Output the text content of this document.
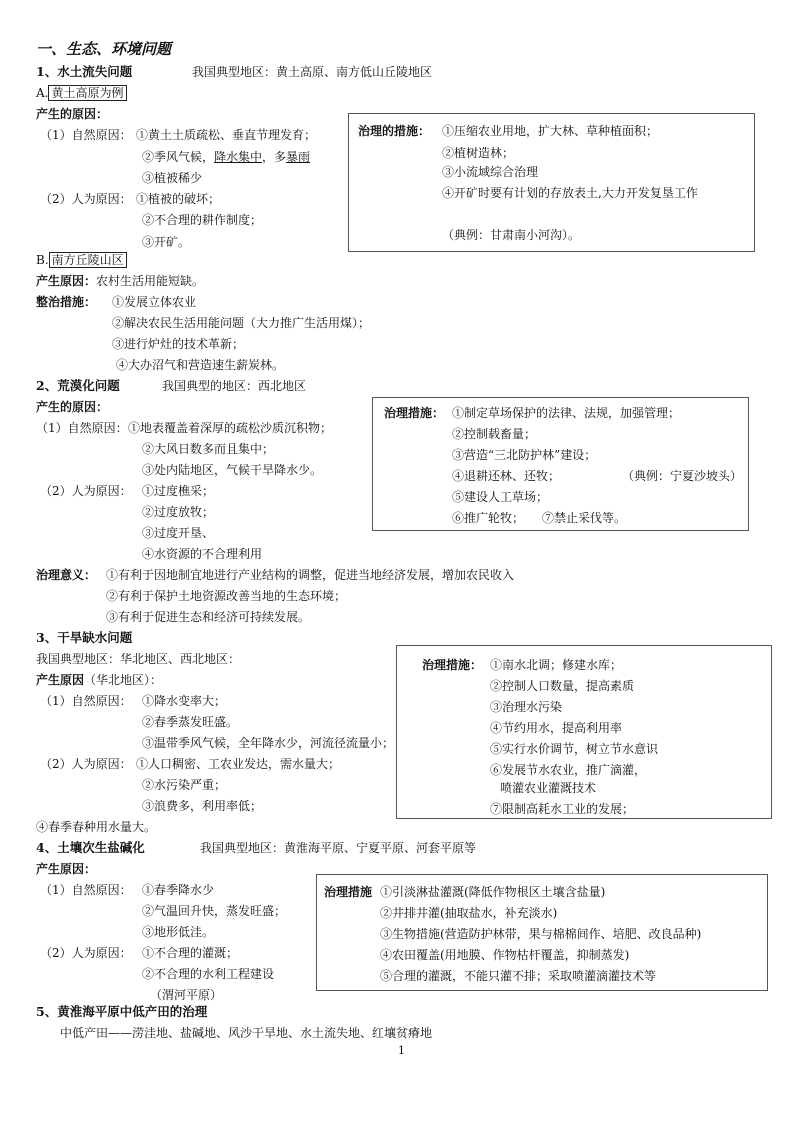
一、生态、环境问题
1、水土流失问题	我国典型地区：黄土高原、南方低山丘陵地区
A. 黄土高原为例
产生的原因：
（1）自然原因： ①黄土土质疏松、垂直节理发育；
②季风气候，降水集中，多暴雨
③植被稀少
（2）人为原因： ①植被的破坏；
②不合理的耕作制度；
③开矿。
治理的措施： ①压缩农业用地，扩大林、草种植面积；
②植树造林；
③小流域综合治理
④开矿时要有计划的存放表土,大力开发复垦工作
（典例：甘肃南小河沟）。
B. 南方丘陵山区
产生原因：农村生活用能短缺。
整治措施： ①发展立体农业
②解决农民生活用能问题（大力推广生活用煤）；
③进行炉灶的技术革新；
④大办沼气和营造速生薪炭林。
2、荒漠化问题	我国典型的地区：西北地区
产生的原因：
（1）自然原因： ①地表覆盖着深厚的疏松沙质沉积物；
②大风日数多而且集中；
③处内陆地区，气候干旱降水少。
（2）人为原因： ①过度樵采；
②过度放牧；
③过度开垦、
④水资源的不合理利用
治理措施： ①制定草场保护的法律、法规，加强管理；
②控制载畜量；
③营造“三北防护林”建设；
④退耕还林、还牧；	（典例：宁夏沙坡头）
⑤建设人工草场；
⑥推广轮牧； ⑦禁止采伐等。
治理意义： ①有利于因地制宜地进行产业结构的调整，促进当地经济发展，增加农民收入
②有利于保护土地资源改善当地的生态环境；
③有利于促进生态和经济可持续发展。
3、干旱缺水问题
我国典型地区：华北地区、西北地区：
产生原因（华北地区）：
（1）自然原因： ①降水变率大；
②春季蒸发旺盛。
③温带季风气候，全年降水少，河流径流量小；
（2）人为原因： ①人口稠密、工农业发达，需水量大；
②水污染严重；
③浪费多，利用率低；
④春季春种用水量大。
治理措施： ①南水北调；修建水库；
②控制人口数量，提高素质
③治理水污染
④节约用水，提高利用率
⑤实行水价调节，树立节水意识
⑥发展节水农业，推广滴灌，
喷灌农业灌溉技术
⑦限制高耗水工业的发展；
4、土壤次生盐碱化	我国典型地区：黄淮海平原、宁夏平原、河套平原等
产生原因：
（1）自然原因： ①春季降水少
②气温回升快，蒸发旺盛；
③地形低洼。
（2）人为原因： ①不合理的灌溉；
②不合理的水利工程建设
（渭河平原）
治理措施 ①引淡淋盐灌溉(降低作物根区土壤含盐量)
②井排井灌(抽取盐水，补充淡水)
③生物措施(营造防护林带，果与棉棉间作、培肥、改良品种)
④农田覆盖(用地膜、作物枯杆覆盖，抑制蒸发)
⑤合理的灌溉，不能只灌不排；采取喷灌滴灌技术等
5、黄淮海平原中低产田的治理
中低产田——涝洼地、盐碱地、风沙干旱地、水土流失地、红壤贫瘠地
1
